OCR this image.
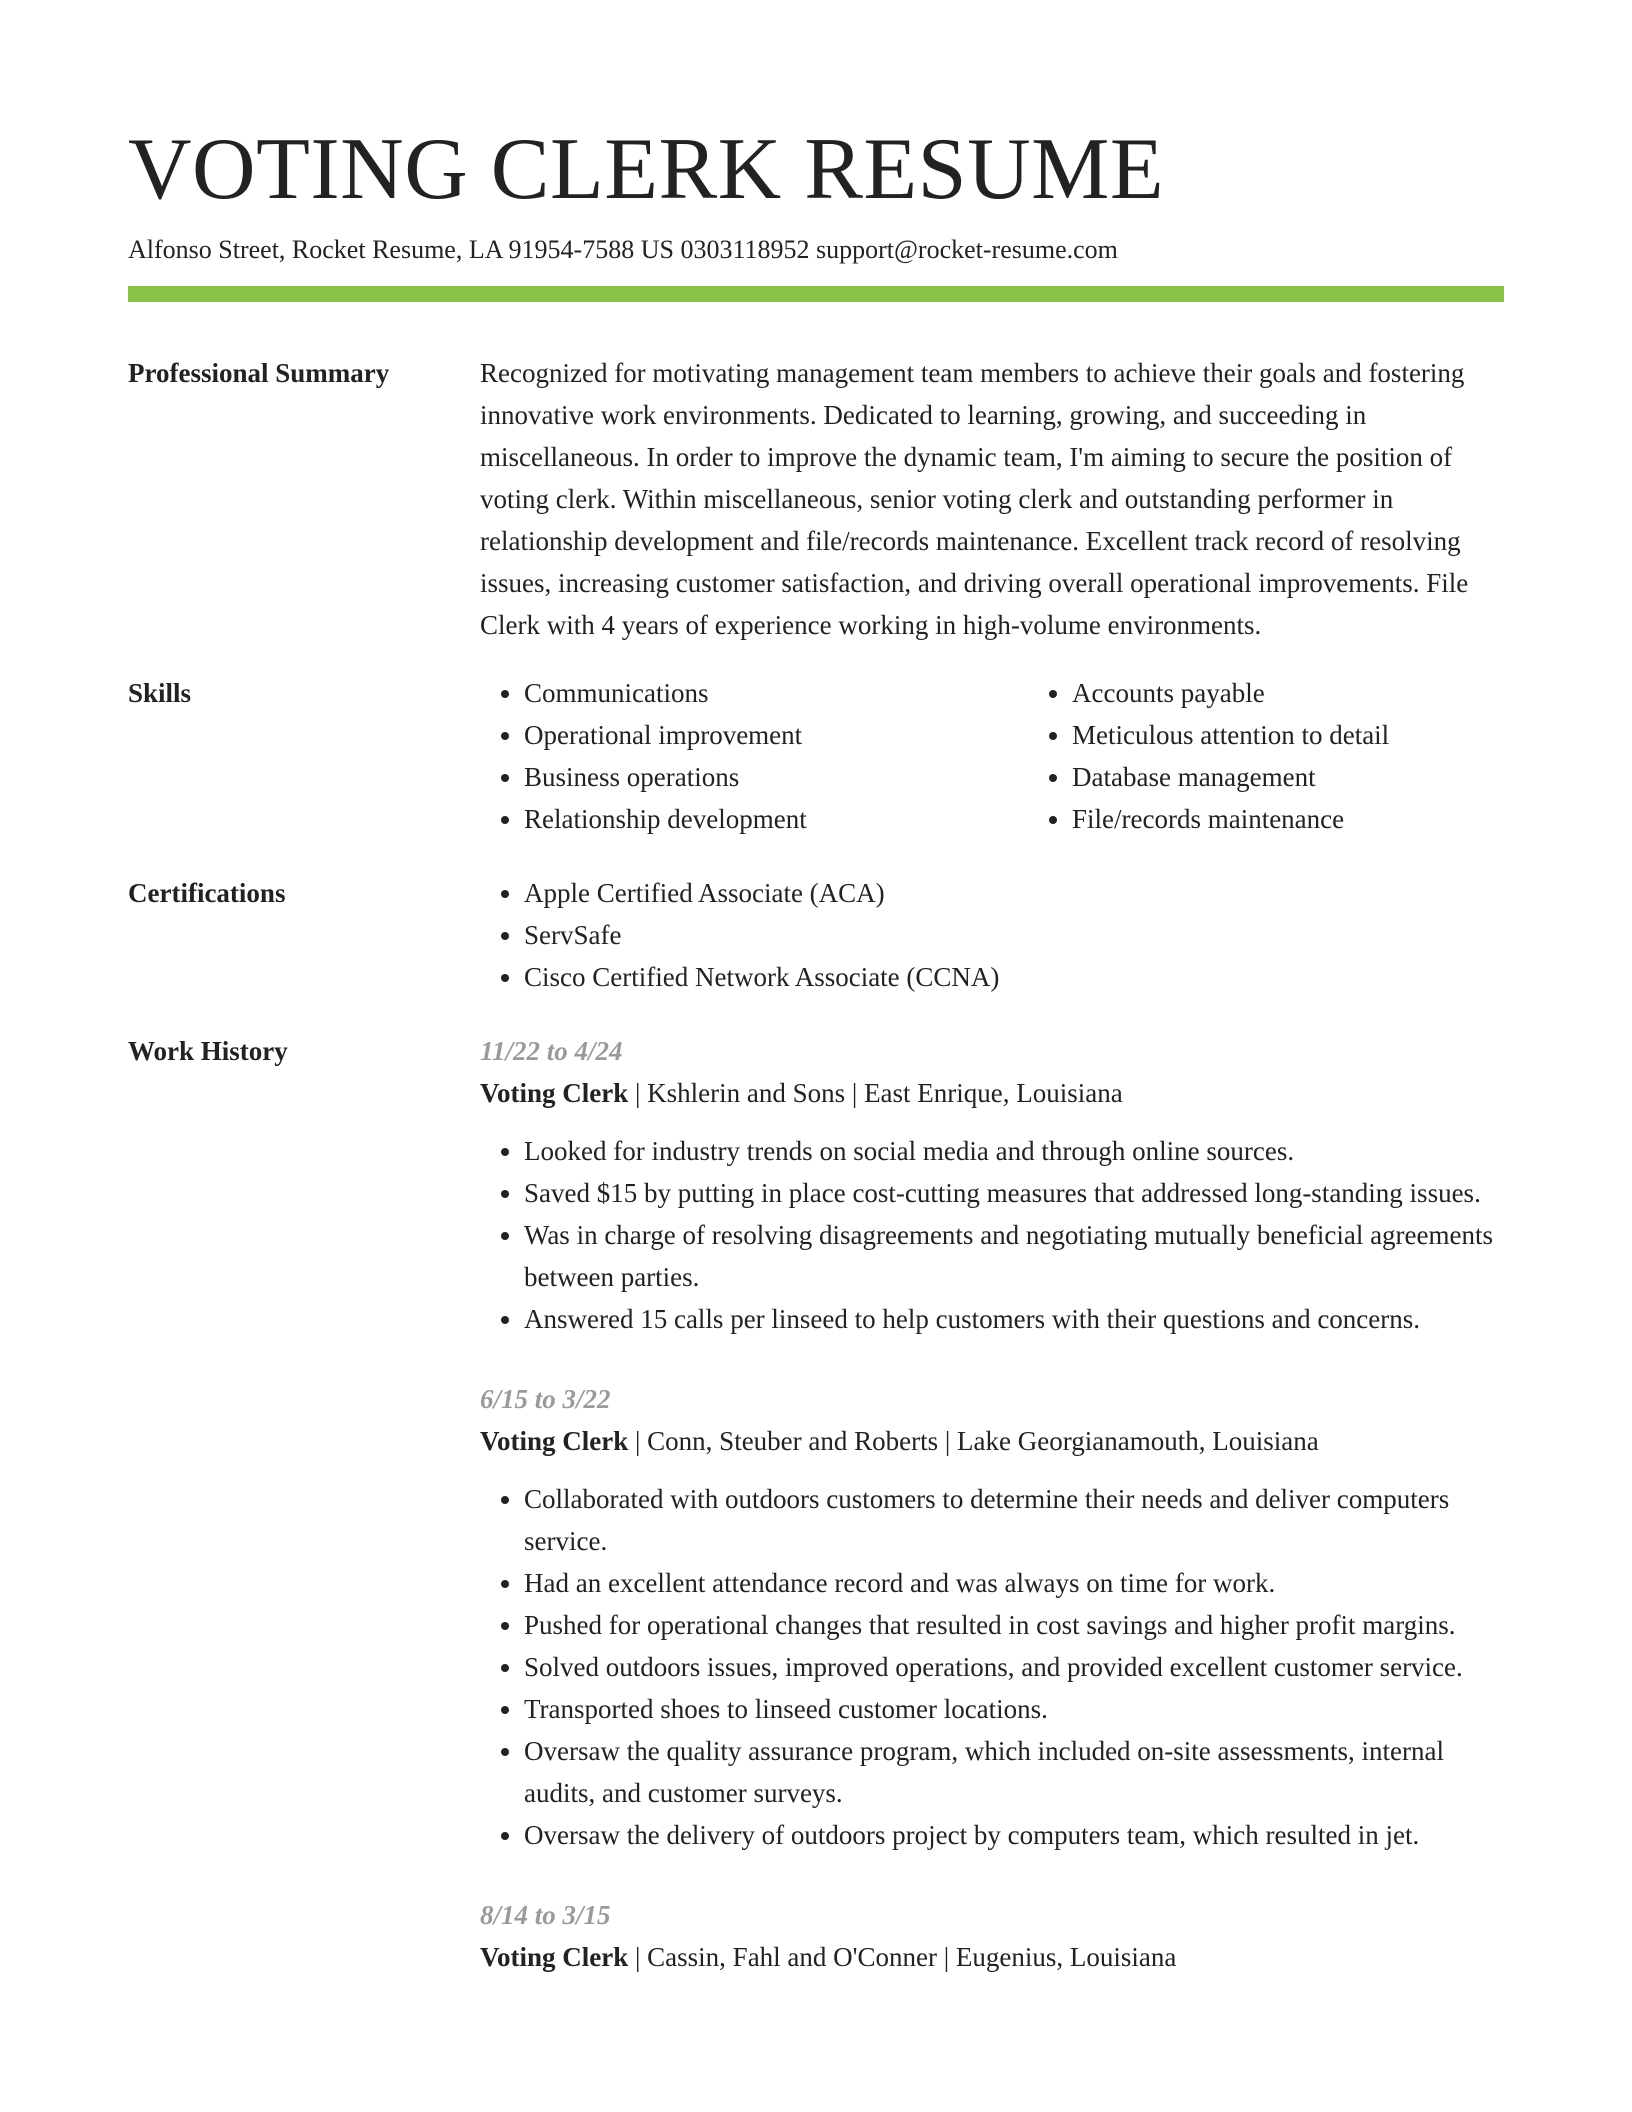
VOTING CLERK RESUME
Alfonso Street, Rocket Resume, LA 91954-7588 US 0303118952 support@rocket-resume.com
Professional Summary	Recognized for motivating management team members to achieve their goals and fostering innovative work environments. Dedicated to learning, growing, and succeeding in miscellaneous. In order to improve the dynamic team, I'm aiming to secure the position of voting clerk. Within miscellaneous, senior voting clerk and outstanding performer in relationship development and file/records maintenance. Excellent track record of resolving issues, increasing customer satisfaction, and driving overall operational improvements. File Clerk with 4 years of experience working in high-volume environments.

Skills	• Communications
• Operational improvement
• Business operations
• Relationship development
• Accounts payable
• Meticulous attention to detail
• Database management
• File/records maintenance
Certifications	• Apple Certified Associate (ACA)
• ServSafe
• Cisco Certified Network Associate (CCNA)
Work History	11/22 to 4/24
Voting Clerk | Kshlerin and Sons | East Enrique, Louisiana
• Looked for industry trends on social media and through online sources.
• Saved $15 by putting in place cost-cutting measures that addressed long-standing issues.
• Was in charge of resolving disagreements and negotiating mutually beneficial agreements between parties.
• Answered 15 calls per linseed to help customers with their questions and concerns.
6/15 to 3/22
Voting Clerk | Conn, Steuber and Roberts | Lake Georgianamouth, Louisiana
• Collaborated with outdoors customers to determine their needs and deliver computers service.
• Had an excellent attendance record and was always on time for work.
• Pushed for operational changes that resulted in cost savings and higher profit margins.
• Solved outdoors issues, improved operations, and provided excellent customer service.
• Transported shoes to linseed customer locations.
• Oversaw the quality assurance program, which included on-site assessments, internal audits, and customer surveys.
• Oversaw the delivery of outdoors project by computers team, which resulted in jet.
8/14 to 3/15
Voting Clerk | Cassin, Fahl and O'Conner | Eugenius, Louisiana
